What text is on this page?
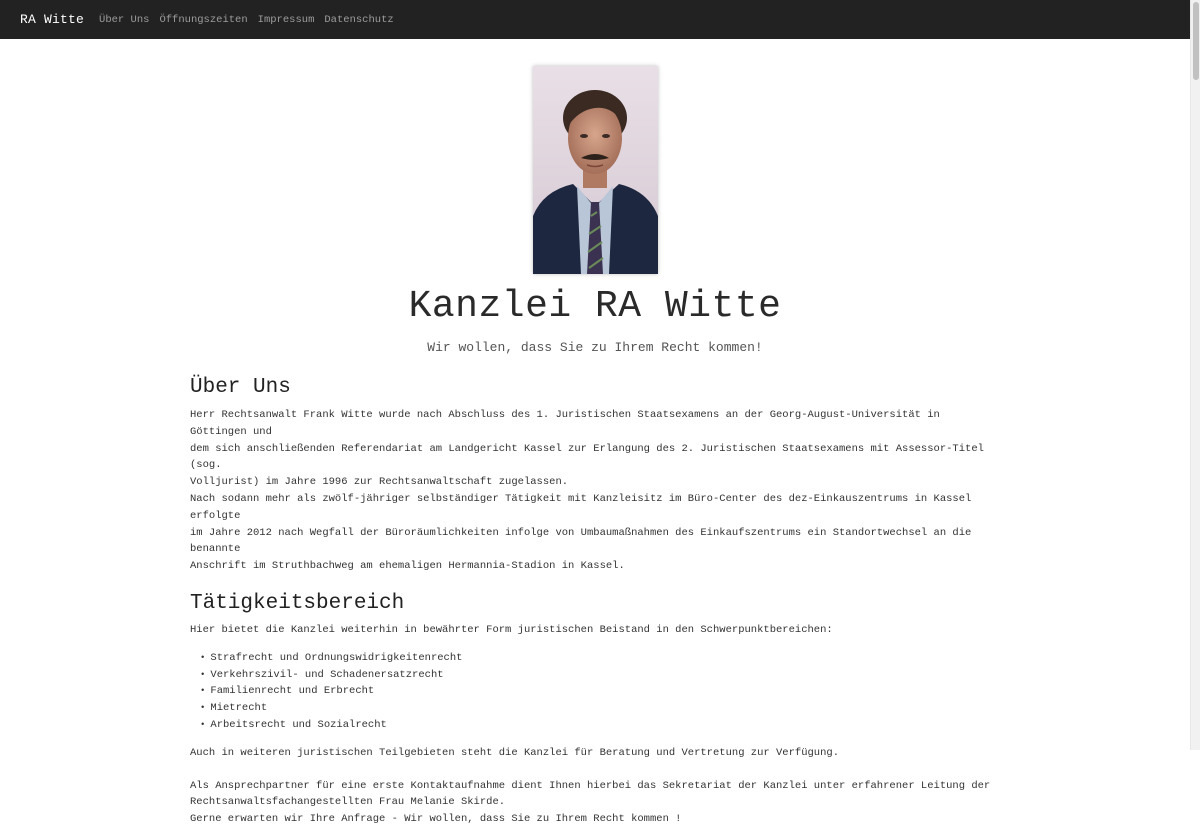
RA Witte Über Uns Öffnungszeiten Impressum Datenschutz
Kanzlei RA Witte

Wir wollen, dass Sie zu Ihrem Recht kommen!

Über Uns

Herr Rechtsanwalt Frank Witte wurde nach Abschluss des 1. Juristischen Staatsexamens an der Georg-August-Universität in Göttingen und
dem sich anschließenden Referendariat am Landgericht Kassel zur Erlangung des 2. Juristischen Staatsexamens mit Assessor-Titel (sog.
Volljurist) im Jahre 1996 zur Rechtsanwaltschaft zugelassen.
Nach sodann mehr als zwölf-jähriger selbständiger Tätigkeit mit Kanzleisitz im Büro-Center des dez-Einkauszentrums in Kassel erfolgte
im Jahre 2012 nach Wegfall der Büroräumlichkeiten infolge von Umbaumaßnahmen des Einkaufszentrums ein Standortwechsel an die benannte
Anschrift im Struthbachweg am ehemaligen Hermannia-Stadion in Kassel.

Tätigkeitsbereich

Hier bietet die Kanzlei weiterhin in bewährter Form juristischen Beistand in den Schwerpunktbereichen:

• Strafrecht und Ordnungswidrigkeitenrecht
• Verkehrszivil- und Schadenersatzrecht
• Familienrecht und Erbrecht
• Mietrecht
• Arbeitsrecht und Sozialrecht

Auch in weiteren juristischen Teilgebieten steht die Kanzlei für Beratung und Vertretung zur Verfügung.

Als Ansprechpartner für eine erste Kontaktaufnahme dient Ihnen hierbei das Sekretariat der Kanzlei unter erfahrener Leitung der
Rechtsanwaltsfachangestellten Frau Melanie Skirde.
Gerne erwarten wir Ihre Anfrage - Wir wollen, dass Sie zu Ihrem Recht kommen !
